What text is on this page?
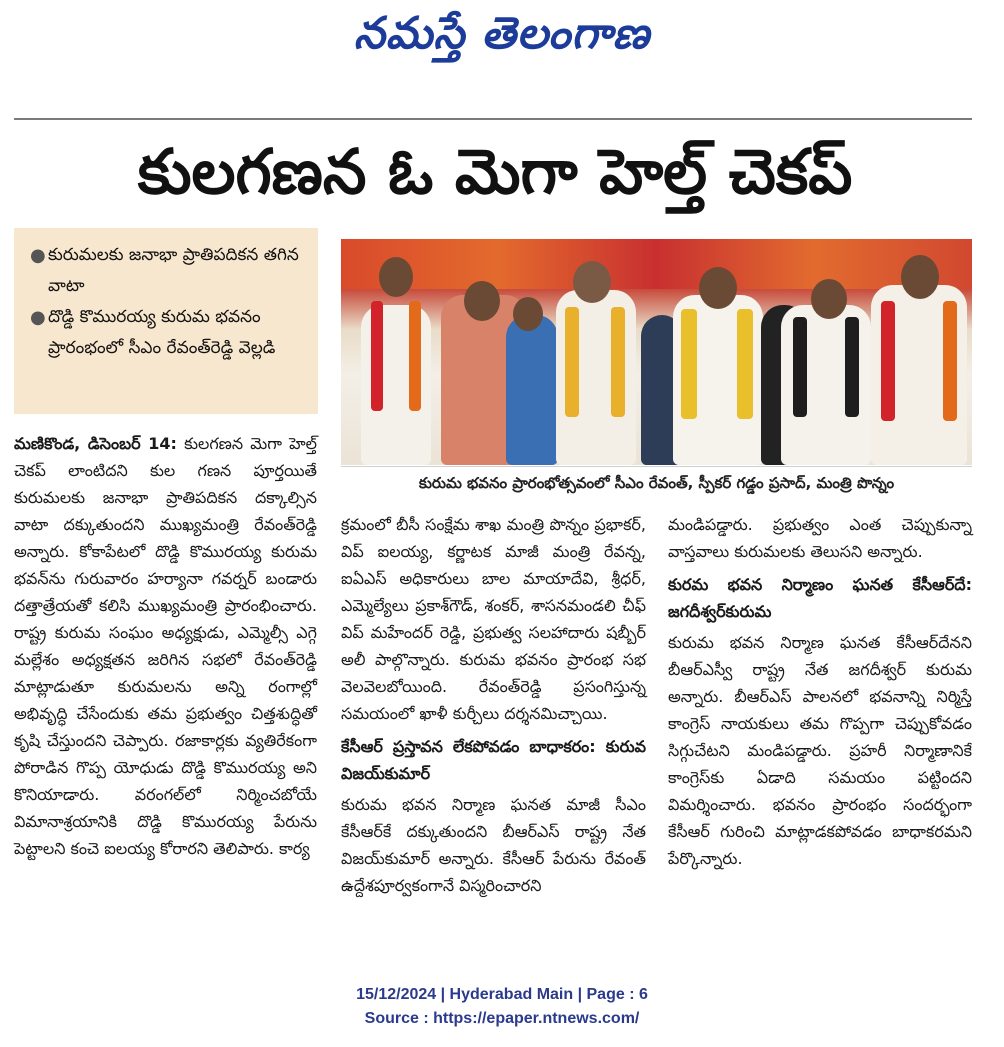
నమస్తే తెలంగాణ
కులగణన ఓ మెగా హెల్త్ చెకప్
● కురుమలకు జనాభా ప్రాతిపదికన తగిన వాటా
● దొడ్డి కొమురయ్య కురుమ భవనం ప్రారంభంలో సీఎం రేవంత్‌రెడ్డి వెల్లడి
కురుమ భవనం ప్రారంభోత్సవంలో సీఎం రేవంత్, స్పీకర్ గడ్డం ప్రసాద్, మంత్రి పొన్నం

మణికొండ, డిసెంబర్ 14: కులగణన మెగా హెల్త్ చెకప్ లాంటిదని కుల గణన పూర్తయితే కురుమలకు జనాభా ప్రాతిపదికన దక్కాల్సిన వాటా దక్కుతుందని ముఖ్యమంత్రి రేవంత్‌రెడ్డి అన్నారు. కోకాపేటలో దొడ్డి కొమురయ్య కురుమ భవన్‌ను గురువారం హర్యానా గవర్నర్ బండారు దత్తాత్రేయతో కలిసి ముఖ్యమంత్రి ప్రారంభించారు. రాష్ట్ర కురుమ సంఘం అధ్యక్షుడు, ఎమ్మెల్సీ ఎగ్గె మల్లేశం అధ్యక్షతన జరిగిన సభలో రేవంత్‌రెడ్డి మాట్లాడుతూ కురుమలను అన్ని రంగాల్లో అభివృద్ధి చేసేందుకు తమ ప్రభుత్వం చిత్తశుద్ధితో కృషి చేస్తుందని చెప్పారు. రజాకార్లకు వ్యతిరేకంగా పోరాడిన గొప్ప యోధుడు దొడ్డి కొమురయ్య అని కొనియాడారు. వరంగల్‌లో నిర్మించబోయే విమానాశ్రయానికి దొడ్డి కొమురయ్య పేరును పెట్టాలని కంచె ఐలయ్య కోరారని తెలిపారు. కార్య

క్రమంలో బీసీ సంక్షేమ శాఖ మంత్రి పొన్నం ప్రభాకర్, విప్ ఐలయ్య, కర్ణాటక మాజీ మంత్రి రేవన్న, ఐఏఎస్ అధికారులు బాల మాయాదేవి, శ్రీధర్, ఎమ్మెల్యేలు ప్రకాశ్‌గౌడ్, శంకర్, శాసనమండలి చీఫ్ విప్ మహేందర్ రెడ్డి, ప్రభుత్వ సలహాదారు షబ్బీర్ అలీ పాల్గొన్నారు. కురుమ భవనం ప్రారంభ సభ వెలవెలబోయింది. రేవంత్‌రెడ్డి ప్రసంగిస్తున్న సమయంలో ఖాళీ కుర్చీలు దర్శనమిచ్చాయి.

కేసీఆర్ ప్రస్తావన లేకపోవడం బాధాకరం: కురువ విజయ్‌కుమార్

కురుమ భవన నిర్మాణ ఘనత మాజీ సీఎం కేసీఆర్‌కే దక్కుతుందని బీఆర్‌ఎస్ రాష్ట్ర నేత విజయ్‌కుమార్ అన్నారు. కేసీఆర్ పేరును రేవంత్ ఉద్దేశపూర్వకంగానే విస్మరించారని

మండిపడ్డారు. ప్రభుత్వం ఎంత చెప్పుకున్నా వాస్తవాలు కురుమలకు తెలుసని అన్నారు.

కురమ భవన నిర్మాణం ఘనత కేసీఆర్‌దే: జగదీశ్వర్‌కురుమ

కురుమ భవన నిర్మాణ ఘనత కేసీఆర్‌దేనని బీఆర్‌ఎస్వీ రాష్ట్ర నేత జగదీశ్వర్ కురుమ అన్నారు. బీఆర్‌ఎస్ పాలనలో భవనాన్ని నిర్మిస్తే కాంగ్రెస్ నాయకులు తమ గొప్పగా చెప్పుకోవడం సిగ్గుచేటని మండిపడ్డారు. ప్రహరీ నిర్మాణానికే కాంగ్రెస్‌కు ఏడాది సమయం పట్టిందని విమర్శించారు. భవనం ప్రారంభం సందర్భంగా కేసీఆర్ గురించి మాట్లాడకపోవడం బాధాకరమని పేర్కొన్నారు.

15/12/2024 | Hyderabad Main | Page : 6
Source : https://epaper.ntnews.com/
